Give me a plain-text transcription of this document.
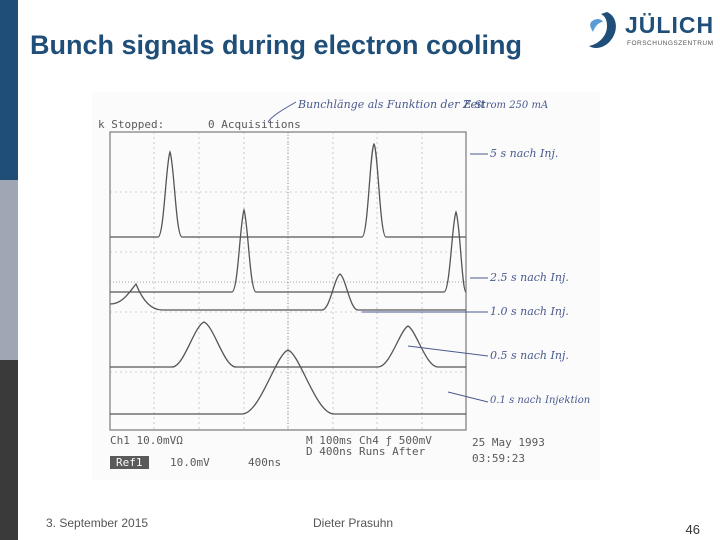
Bunch signals during electron cooling
JÜLICH
FORSCHUNGSZENTRUM
k Stopped:	0 Acquisitions
Ch1 10.0mVΩ
Ref1	10.0mV	400ns
M 100ms Ch4 ƒ 500mV
D 400ns Runs After
25 May 1993
03:59:23
Bunchlänge als Funktion der Zeit
E-Strom 250 mA
5 s nach Inj.
2.5 s nach Inj.
1.0 s nach Inj.
0.5 s nach Inj.
0.1 s nach Injektion
3. September 2015	Dieter Prasuhn	46
